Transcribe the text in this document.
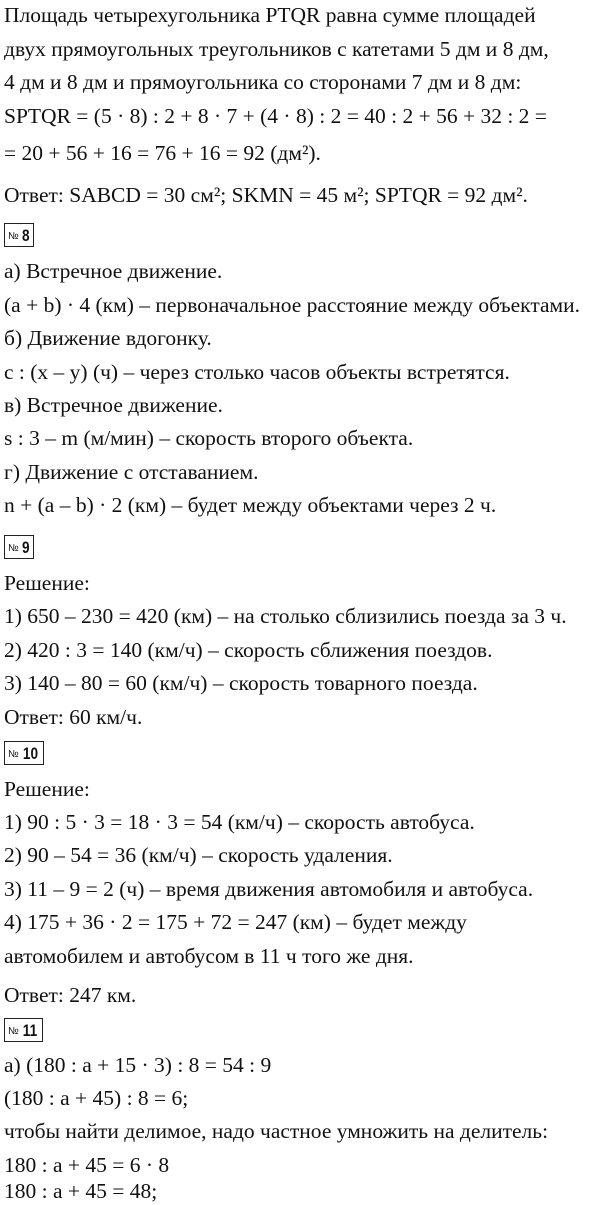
Площадь четырехугольника PTQR равна сумме площадей
двух прямоугольных треугольников с катетами 5 дм и 8 дм,
4 дм и 8 дм и прямоугольника со сторонами 7 дм и 8 дм:
SPTQR = (5 · 8) : 2 + 8 · 7 + (4 · 8) : 2 = 40 : 2 + 56 + 32 : 2 =
= 20 + 56 + 16 = 76 + 16 = 92 (дм²).
Ответ: SABCD = 30 см²; SKMN = 45 м²; SPTQR = 92 дм².
№ 8
а) Встречное движение.
(a + b) · 4 (км) – первоначальное расстояние между объектами.
б) Движение вдогонку.
c : (x – y) (ч) – через столько часов объекты встретятся.
в) Встречное движение.
s : 3 – m (м/мин) – скорость второго объекта.
г) Движение с отставанием.
n + (a – b) · 2 (км) – будет между объектами через 2 ч.
№ 9
Решение:
1) 650 – 230 = 420 (км) – на столько сблизились поезда за 3 ч.
2) 420 : 3 = 140 (км/ч) – скорость сближения поездов.
3) 140 – 80 = 60 (км/ч) – скорость товарного поезда.
Ответ: 60 км/ч.
№ 10
Решение:
1) 90 : 5 · 3 = 18 · 3 = 54 (км/ч) – скорость автобуса.
2) 90 – 54 = 36 (км/ч) – скорость удаления.
3) 11 – 9 = 2 (ч) – время движения автомобиля и автобуса.
4) 175 + 36 · 2 = 175 + 72 = 247 (км) – будет между
автомобилем и автобусом в 11 ч того же дня.
Ответ: 247 км.
№ 11
а) (180 : a + 15 · 3) : 8 = 54 : 9
(180 : a + 45) : 8 = 6;
чтобы найти делимое, надо частное умножить на делитель:
180 : a + 45 = 6 · 8
180 : a + 45 = 48;
